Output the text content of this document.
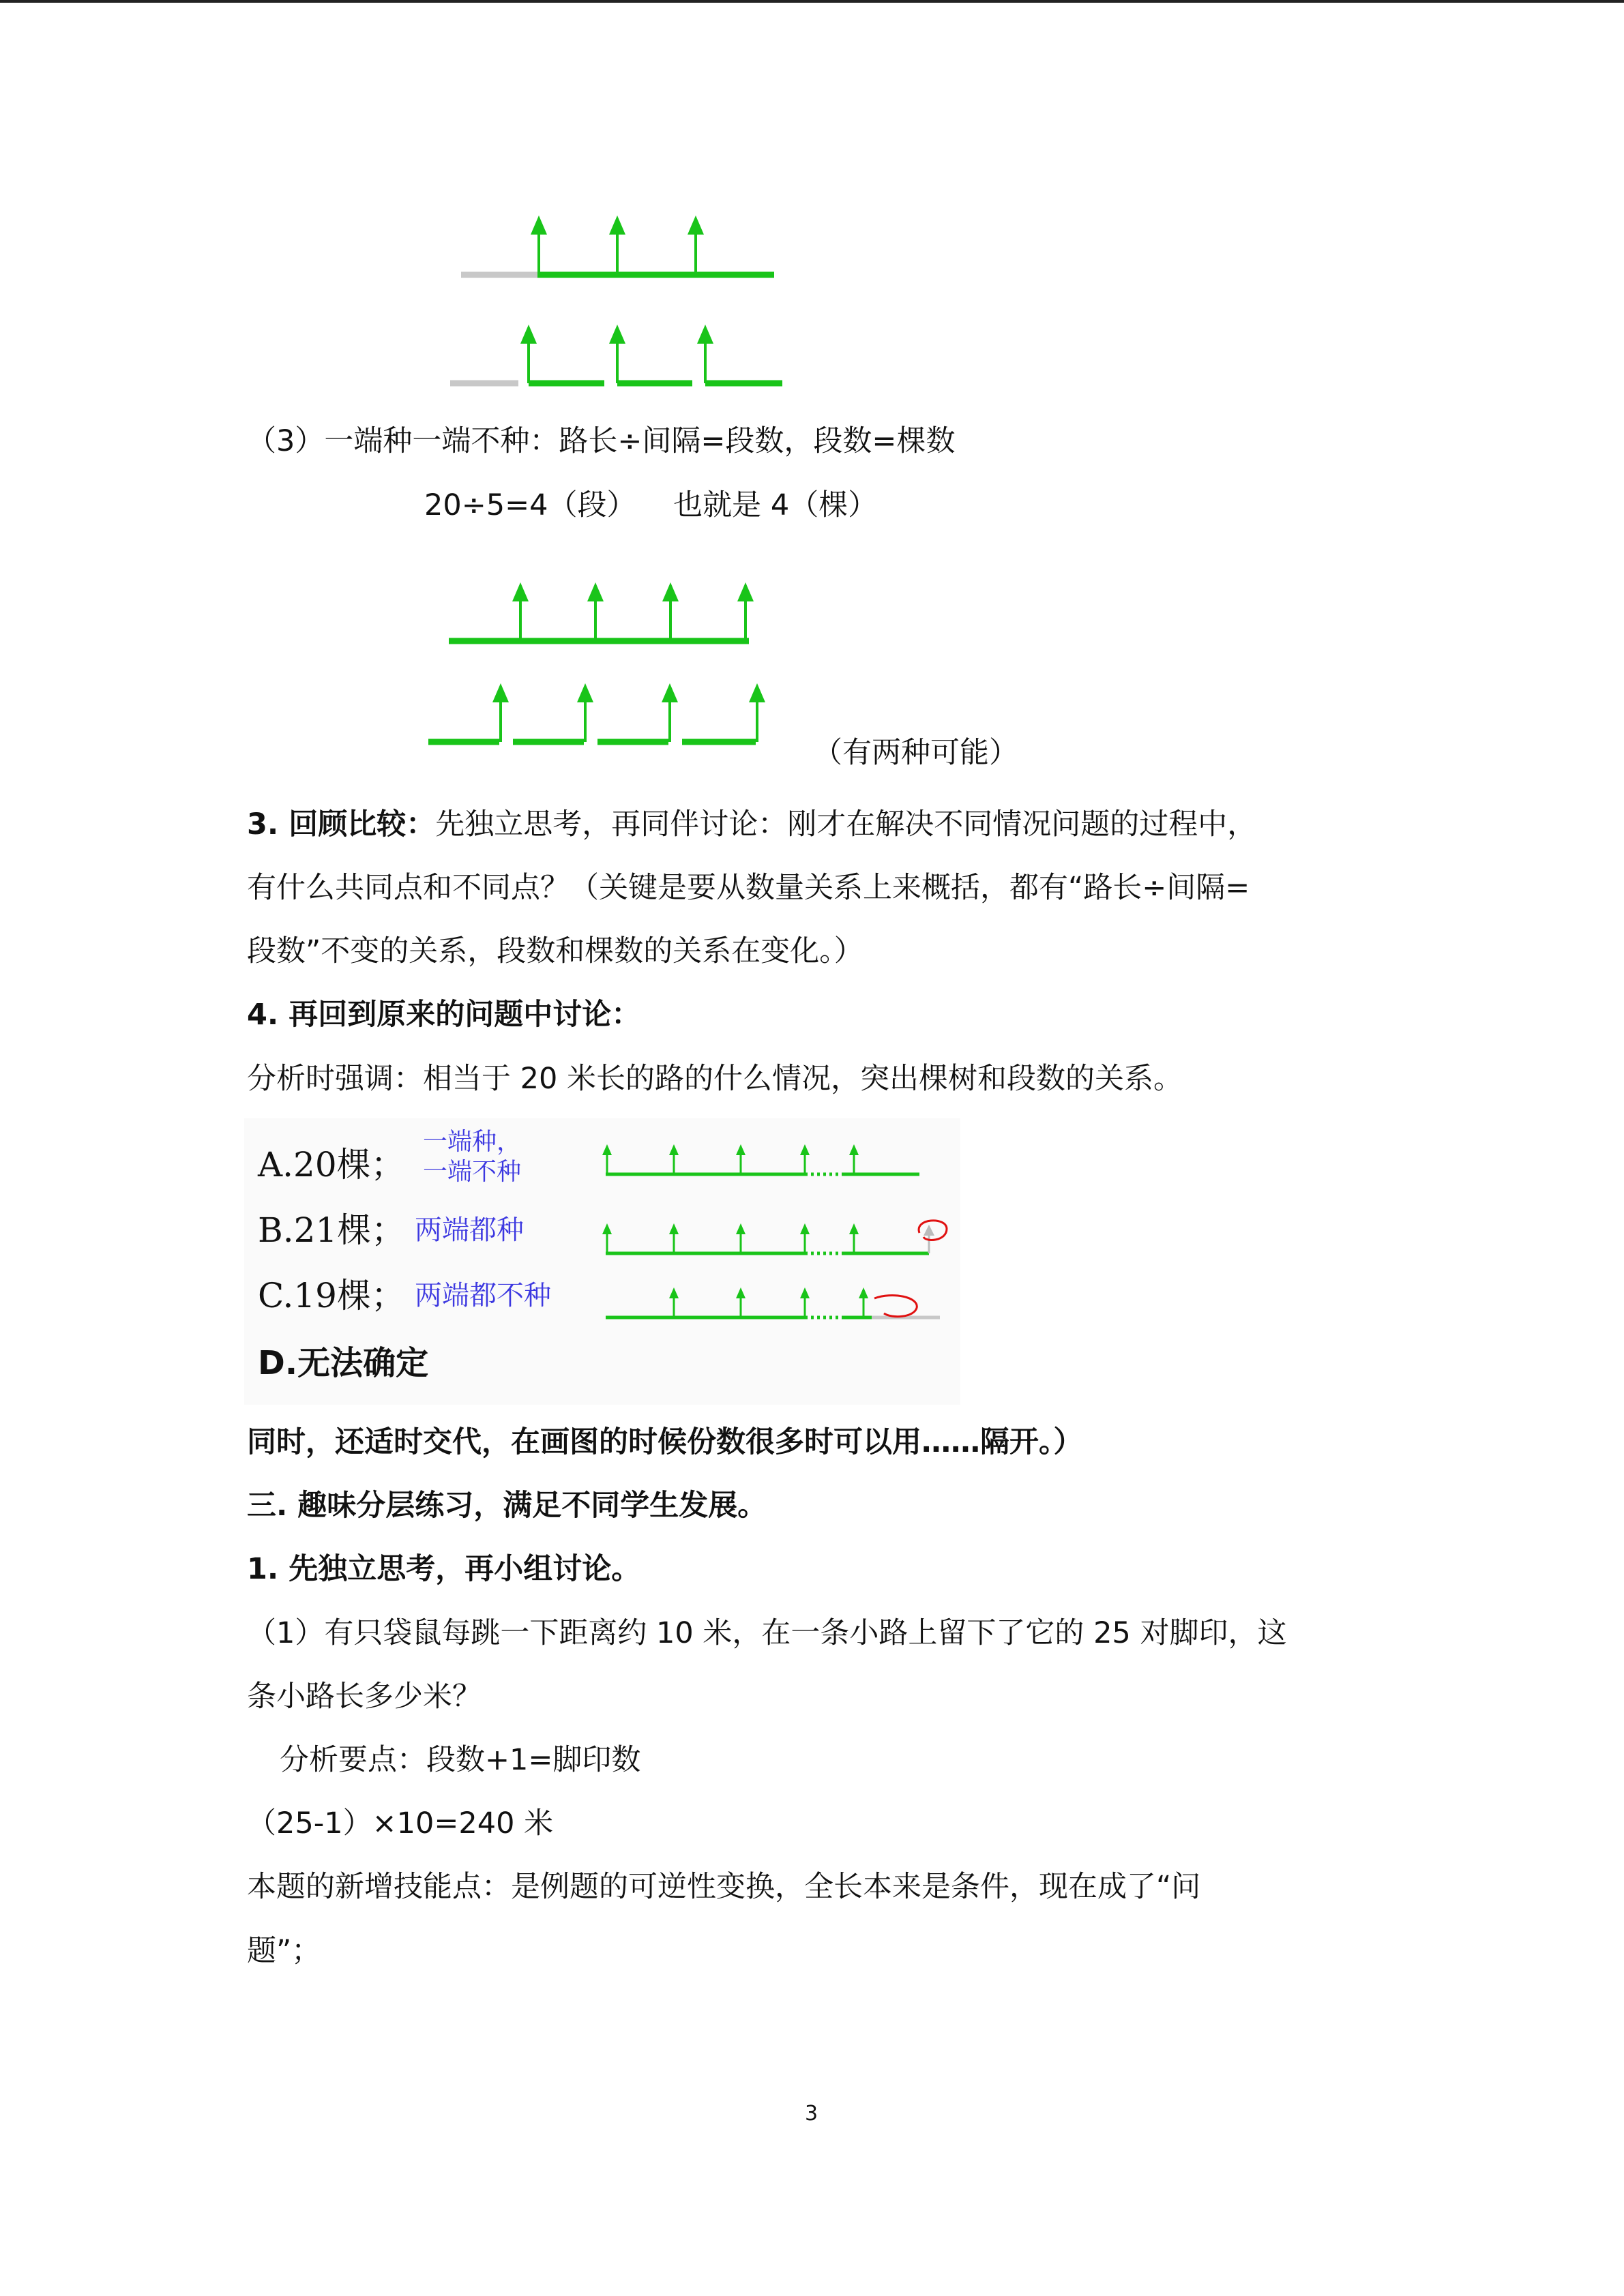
（3）一端种一端不种：路长÷间隔=段数，段数=棵数
20÷5=4（段）    也就是 4（棵）
（有两种可能）
3. 回顾比较：先独立思考，再同伴讨论：刚才在解决不同情况问题的过程中，
有什么共同点和不同点？（关键是要从数量关系上来概括，都有“路长÷间隔=
段数”不变的关系，段数和棵数的关系在变化。）
4. 再回到原来的问题中讨论：
分析时强调：相当于 20 米长的路的什么情况，突出棵树和段数的关系。
A.20棵；
一端种，
一端不种
B.21棵； 两端都种
C.19棵； 两端都不种
D.无法确定
同时，还适时交代，在画图的时候份数很多时可以用……隔开。）
三. 趣味分层练习，满足不同学生发展。
1. 先独立思考，再小组讨论。
（1）有只袋鼠每跳一下距离约 10 米，在一条小路上留下了它的 25 对脚印，这
条小路长多少米？
分析要点：段数+1=脚印数
（25-1）×10=240 米
本题的新增技能点：是例题的可逆性变换，全长本来是条件，现在成了“问
题”；
3
